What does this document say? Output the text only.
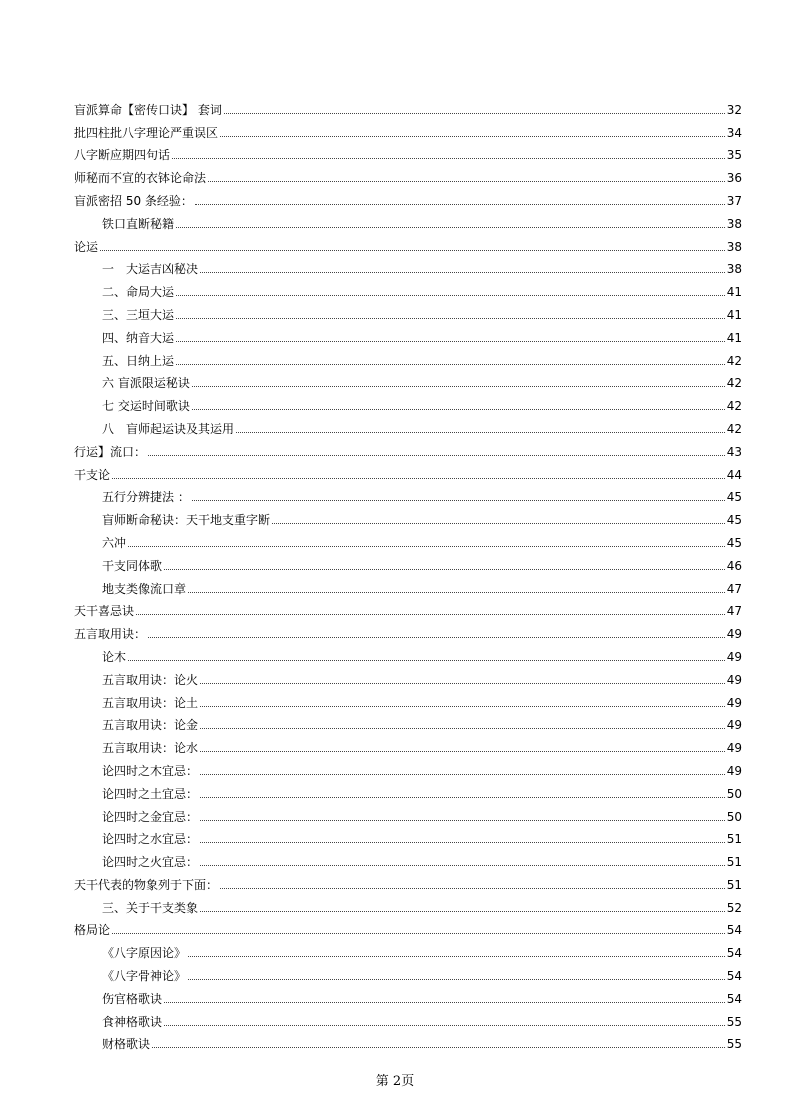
盲派算命【密传口诀】 套词	32
批四柱批八字理论严重误区	34
八字断应期四句话	35
师秘而不宣的衣钵论命法	36
盲派密招 50 条经验：	37
铁口直断秘籍	38
论运	38
一　大运吉凶秘决	38
二、命局大运	41
三、三垣大运	41
四、纳音大运	41
五、日纳上运	42
六 盲派限运秘诀	42
七 交运时间歌诀	42
八　盲师起运诀及其运用	42
行运】流口：	43
干支论	44
五行分辨捷法 ：	45
盲师断命秘诀：天干地支重字断	45
六冲	45
干支同体歌	46
地支类像流口章	47
天干喜忌诀	47
五言取用诀：	49
论木	49
五言取用诀：论火	49
五言取用诀：论土	49
五言取用诀：论金	49
五言取用诀：论水	49
论四时之木宜忌：	49
论四时之土宜忌：	50
论四时之金宜忌：	50
论四时之水宜忌：	51
论四时之火宜忌：	51
天干代表的物象列于下面：	51
三、关于干支类象	52
格局论	54
《八字原因论》	54
《八字骨神论》	54
伤官格歌诀	54
食神格歌诀	55
财格歌诀	55
第 2页
